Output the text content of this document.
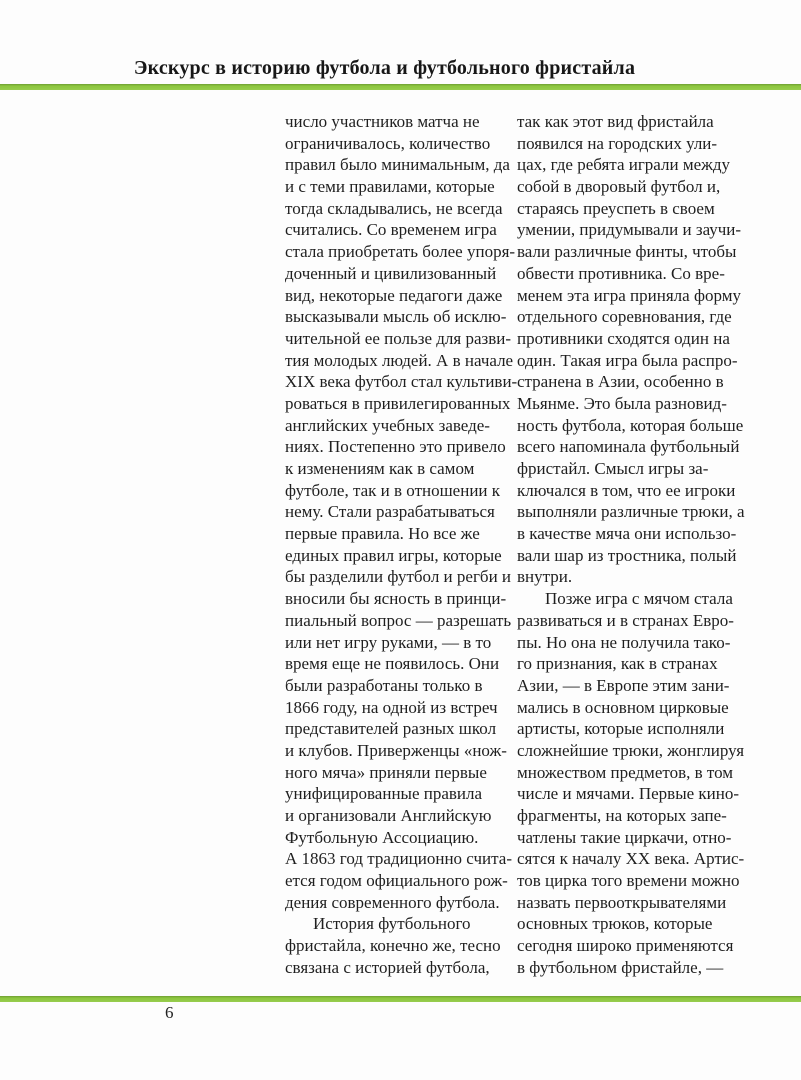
Экскурс в историю футбола и футбольного фристайла
число участников матча не
ограничивалось, количество
правил было минимальным, да
и с теми правилами, которые
тогда складывались, не всегда
считались. Со временем игра
стала приобретать более упоря-
доченный и цивилизованный
вид, некоторые педагоги даже
высказывали мысль об исклю-
чительной ее пользе для разви-
тия молодых людей. А в начале
XIX века футбол стал культиви-
роваться в привилегированных
английских учебных заведе-
ниях. Постепенно это привело
к изменениям как в самом
футболе, так и в отношении к
нему. Стали разрабатываться
первые правила. Но все же
единых правил игры, которые
бы разделили футбол и регби и
вносили бы ясность в принци-
пиальный вопрос — разрешать
или нет игру руками, — в то
время еще не появилось. Они
были разработаны только в
1866 году, на одной из встреч
представителей разных школ
и клубов. Приверженцы «нож-
ного мяча» приняли первые
унифицированные правила
и организовали Английскую
Футбольную Ассоциацию.
А 1863 год традиционно счита-
ется годом официального рож-
дения современного футбола.
История футбольного
фристайла, конечно же, тесно
связана с историей футбола,
так как этот вид фристайла
появился на городских ули-
цах, где ребята играли между
собой в дворовый футбол и,
стараясь преуспеть в своем
умении, придумывали и заучи-
вали различные финты, чтобы
обвести противника. Со вре-
менем эта игра приняла форму
отдельного соревнования, где
противники сходятся один на
один. Такая игра была распро-
странена в Азии, особенно в
Мьянме. Это была разновид-
ность футбола, которая больше
всего напоминала футбольный
фристайл. Смысл игры за-
ключался в том, что ее игроки
выполняли различные трюки, а
в качестве мяча они использо-
вали шар из тростника, полый
внутри.
Позже игра с мячом стала
развиваться и в странах Евро-
пы. Но она не получила тако-
го признания, как в странах
Азии, — в Европе этим зани-
мались в основном цирковые
артисты, которые исполняли
сложнейшие трюки, жонглируя
множеством предметов, в том
числе и мячами. Первые кино-
фрагменты, на которых запе-
чатлены такие циркачи, отно-
сятся к началу XX века. Артис-
тов цирка того времени можно
назвать первооткрывателями
основных трюков, которые
сегодня широко применяются
в футбольном фристайле, —
6
